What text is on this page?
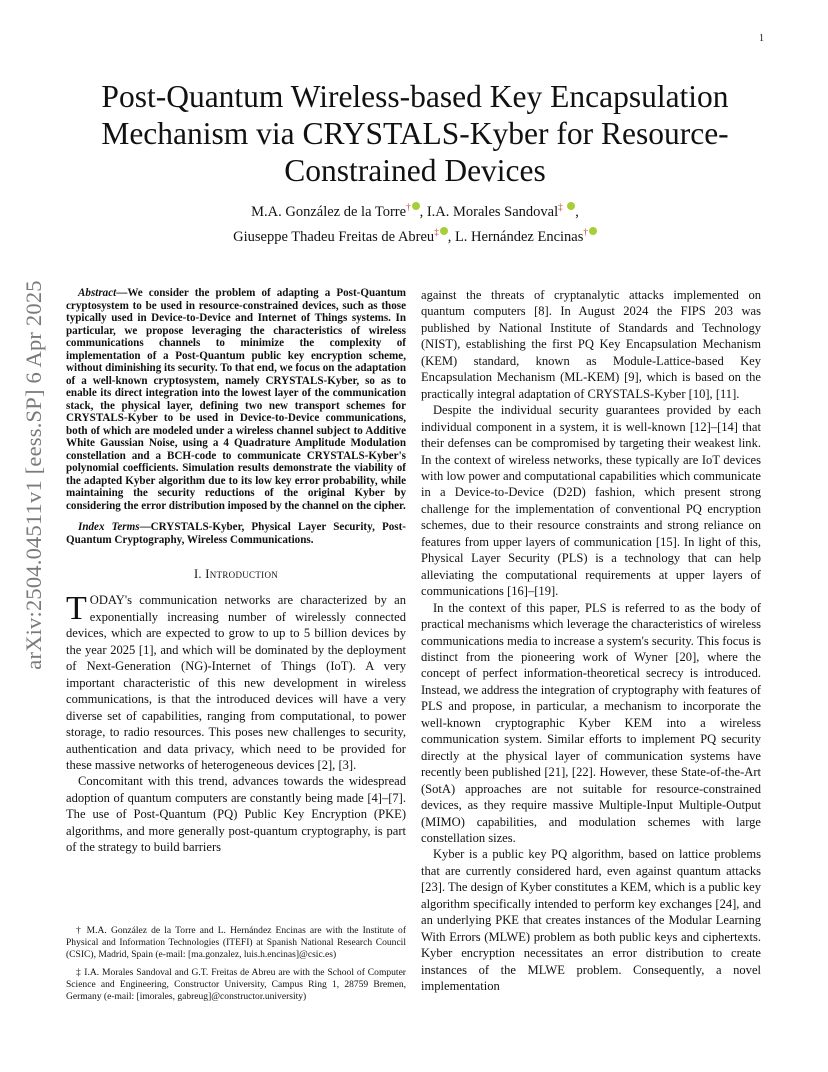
1
arXiv:2504.04511v1 [eess.SP] 6 Apr 2025
Post-Quantum Wireless-based Key Encapsulation Mechanism via CRYSTALS-Kyber for Resource-Constrained Devices
M.A. González de la Torre† , I.A. Morales Sandoval‡ ,
Giuseppe Thadeu Freitas de Abreu‡ , L. Hernández Encinas†

Abstract—We consider the problem of adapting a Post-Quantum cryptosystem to be used in resource-constrained devices, such as those typically used in Device-to-Device and Internet of Things systems. In particular, we propose leveraging the characteristics of wireless communications channels to minimize the complexity of implementation of a Post-Quantum public key encryption scheme, without diminishing its security. To that end, we focus on the adaptation of a well-known cryptosystem, namely CRYSTALS-Kyber, so as to enable its direct integration into the lowest layer of the communication stack, the physical layer, defining two new transport schemes for CRYSTALS-Kyber to be used in Device-to-Device communications, both of which are modeled under a wireless channel subject to Additive White Gaussian Noise, using a 4 Quadrature Amplitude Modulation constellation and a BCH-code to communicate CRYSTALS-Kyber's polynomial coefficients. Simulation results demonstrate the viability of the adapted Kyber algorithm due to its low key error probability, while maintaining the security reductions of the original Kyber by considering the error distribution imposed by the channel on the cipher.

Index Terms—CRYSTALS-Kyber, Physical Layer Security, Post-Quantum Cryptography, Wireless Communications.

I. Introduction

TODAY's communication networks are characterized by an exponentially increasing number of wirelessly connected devices, which are expected to grow to up to 5 billion devices by the year 2025 [1], and which will be dominated by the deployment of Next-Generation (NG)-Internet of Things (IoT). A very important characteristic of this new development in wireless communications, is that the introduced devices will have a very diverse set of capabilities, ranging from computational, to power storage, to radio resources. This poses new challenges to security, authentication and data privacy, which need to be provided for these massive networks of heterogeneous devices [2], [3].

Concomitant with this trend, advances towards the widespread adoption of quantum computers are constantly being made [4]–[7]. The use of Post-Quantum (PQ) Public Key Encryption (PKE) algorithms, and more generally post-quantum cryptography, is part of the strategy to build barriers

† M.A. González de la Torre and L. Hernández Encinas are with the Institute of Physical and Information Technologies (ITEFI) at Spanish National Research Council (CSIC), Madrid, Spain (e-mail: [ma.gonzalez, luis.h.encinas]@csic.es)

‡ I.A. Morales Sandoval and G.T. Freitas de Abreu are with the School of Computer Science and Engineering, Constructor University, Campus Ring 1, 28759 Bremen, Germany (e-mail: [imorales, gabreug]@constructor.university)

against the threats of cryptanalytic attacks implemented on quantum computers [8]. In August 2024 the FIPS 203 was published by National Institute of Standards and Technology (NIST), establishing the first PQ Key Encapsulation Mechanism (KEM) standard, known as Module-Lattice-based Key Encapsulation Mechanism (ML-KEM) [9], which is based on the practically integral adaptation of CRYSTALS-Kyber [10], [11].

Despite the individual security guarantees provided by each individual component in a system, it is well-known [12]–[14] that their defenses can be compromised by targeting their weakest link. In the context of wireless networks, these typically are IoT devices with low power and computational capabilities which communicate in a Device-to-Device (D2D) fashion, which present strong challenge for the implementation of conventional PQ encryption schemes, due to their resource constraints and strong reliance on features from upper layers of communication [15]. In light of this, Physical Layer Security (PLS) is a technology that can help alleviating the computational requirements at upper layers of communications [16]–[19].

In the context of this paper, PLS is referred to as the body of practical mechanisms which leverage the characteristics of wireless communications media to increase a system's security. This focus is distinct from the pioneering work of Wyner [20], where the concept of perfect information-theoretical secrecy is introduced. Instead, we address the integration of cryptography with features of PLS and propose, in particular, a mechanism to incorporate the well-known cryptographic Kyber KEM into a wireless communication system. Similar efforts to implement PQ security directly at the physical layer of communication systems have recently been published [21], [22]. However, these State-of-the-Art (SotA) approaches are not suitable for resource-constrained devices, as they require massive Multiple-Input Multiple-Output (MIMO) capabilities, and modulation schemes with large constellation sizes.

Kyber is a public key PQ algorithm, based on lattice problems that are currently considered hard, even against quantum attacks [23]. The design of Kyber constitutes a KEM, which is a public key algorithm specifically intended to perform key exchanges [24], and an underlying PKE that creates instances of the Modular Learning With Errors (MLWE) problem as both public keys and ciphertexts. Kyber encryption necessitates an error distribution to create instances of the MLWE problem. Consequently, a novel implementation
